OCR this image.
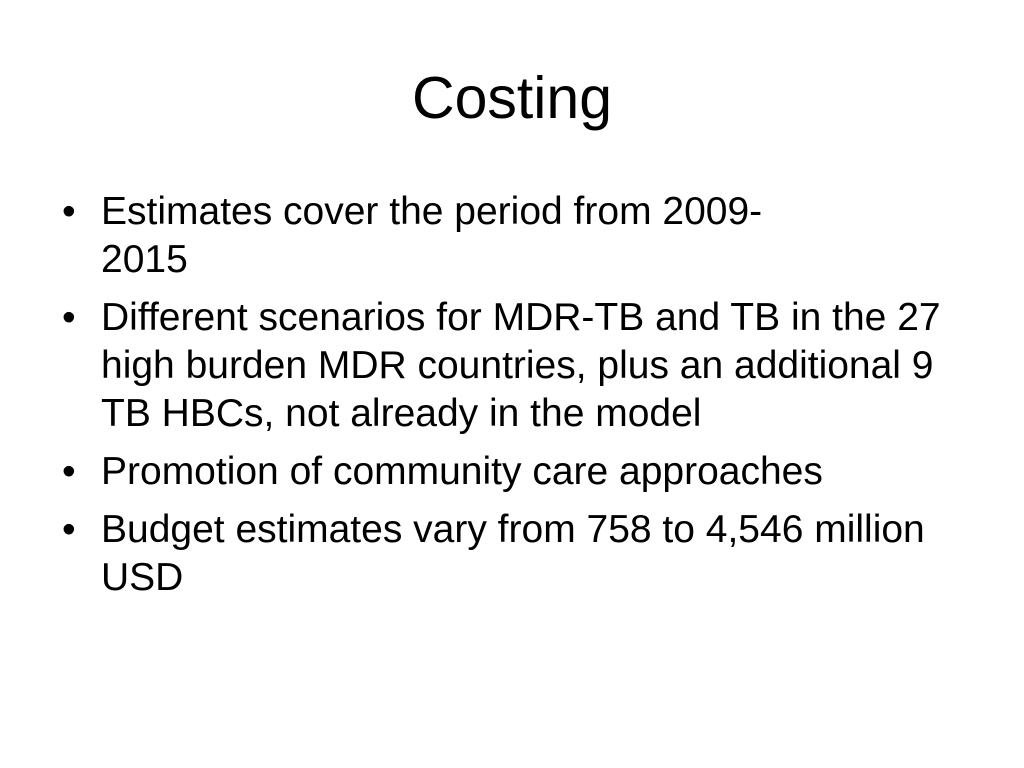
Costing
• Estimates cover the period from 2009-
2015
• Different scenarios for MDR-TB and TB in the 27 high burden MDR countries, plus an additional 9 TB HBCs, not already in the model
• Promotion of community care approaches
• Budget estimates vary from 758 to 4,546 million USD
